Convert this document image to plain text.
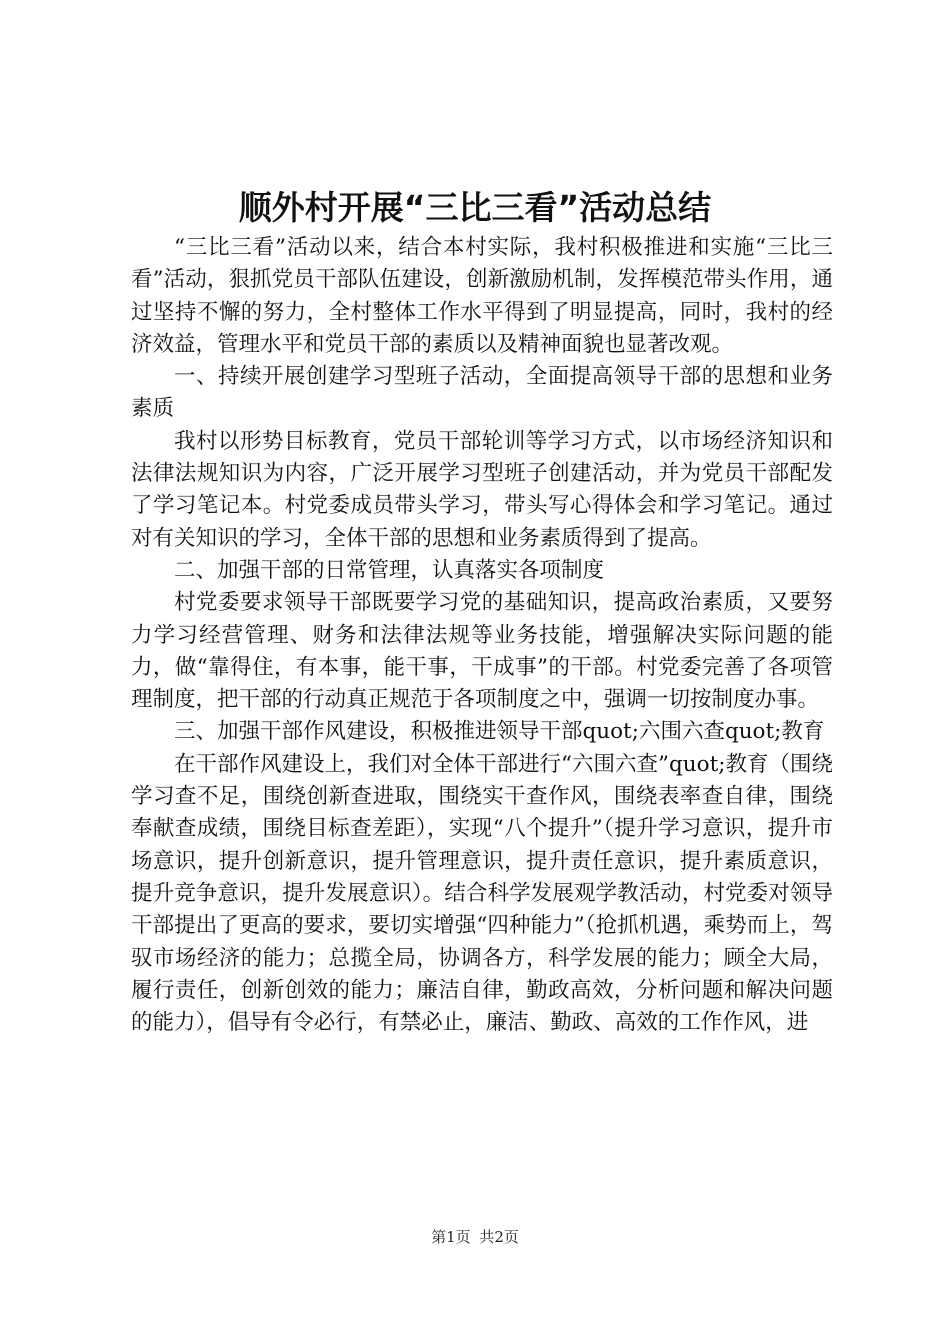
顺外村开展“三比三看”活动总结

“三比三看”活动以来，结合本村实际，我村积极推进和实施“三比三看”活动，狠抓党员干部队伍建设，创新激励机制，发挥模范带头作用，通过坚持不懈的努力，全村整体工作水平得到了明显提高，同时，我村的经济效益，管理水平和党员干部的素质以及精神面貌也显著改观。

一、持续开展创建学习型班子活动，全面提高领导干部的思想和业务素质

我村以形势目标教育，党员干部轮训等学习方式，以市场经济知识和法律法规知识为内容，广泛开展学习型班子创建活动，并为党员干部配发了学习笔记本。村党委成员带头学习，带头写心得体会和学习笔记。通过对有关知识的学习，全体干部的思想和业务素质得到了提高。

二、加强干部的日常管理，认真落实各项制度

村党委要求领导干部既要学习党的基础知识，提高政治素质，又要努力学习经营管理、财务和法律法规等业务技能，增强解决实际问题的能力，做“靠得住，有本事，能干事，干成事”的干部。村党委完善了各项管理制度，把干部的行动真正规范于各项制度之中，强调一切按制度办事。

三、加强干部作风建设，积极推进领导干部quot;六围六查quot;教育

在干部作风建设上，我们对全体干部进行“六围六查”quot;教育（围绕学习查不足，围绕创新查进取，围绕实干查作风，围绕表率查自律，围绕奉献查成绩，围绕目标查差距），实现“八个提升”（提升学习意识，提升市场意识，提升创新意识，提升管理意识，提升责任意识，提升素质意识，提升竞争意识，提升发展意识）。结合科学发展观学教活动，村党委对领导干部提出了更高的要求，要切实增强“四种能力”（抢抓机遇，乘势而上，驾驭市场经济的能力；总揽全局，协调各方，科学发展的能力；顾全大局，履行责任，创新创效的能力；廉洁自律，勤政高效，分析问题和解决问题的能力），倡导有令必行，有禁必止，廉洁、勤政、高效的工作作风，进

第1页 共2页
